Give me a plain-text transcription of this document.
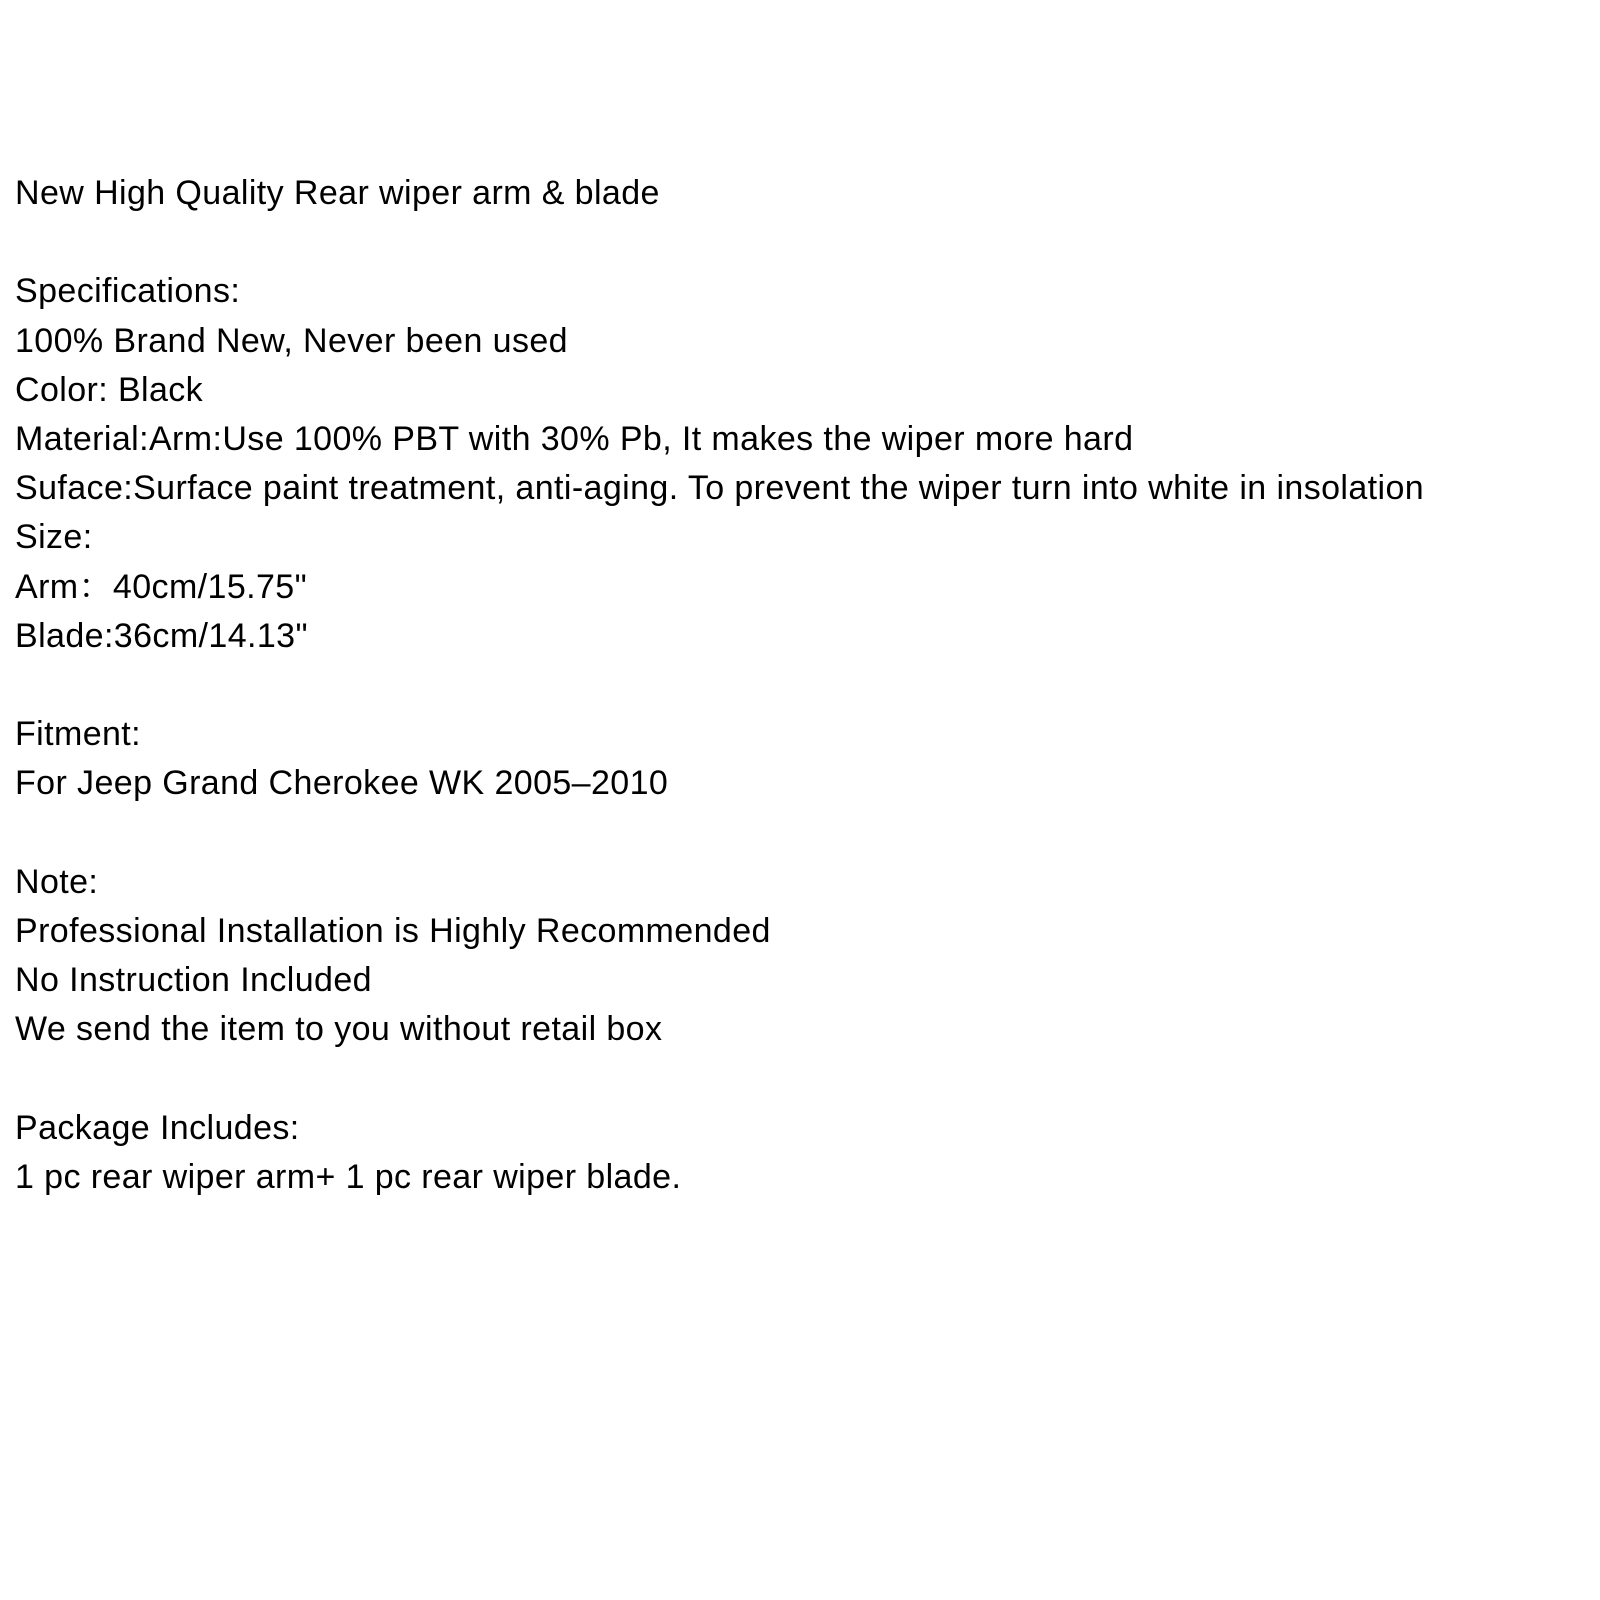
New High Quality Rear wiper arm & blade
Specifications:
100% Brand New, Never been used
Color: Black
Material:Arm:Use 100% PBT with 30% Pb, It makes the wiper more hard
Suface:Surface paint treatment, anti-aging. To prevent the wiper turn into white in insolation
Size:
Arm：40cm/15.75"
Blade:36cm/14.13"
Fitment:
For Jeep Grand Cherokee WK 2005–2010
Note:
Professional Installation is Highly Recommended
No Instruction Included
We send the item to you without retail box
Package Includes:
1 pc rear wiper arm+ 1 pc rear wiper blade.
